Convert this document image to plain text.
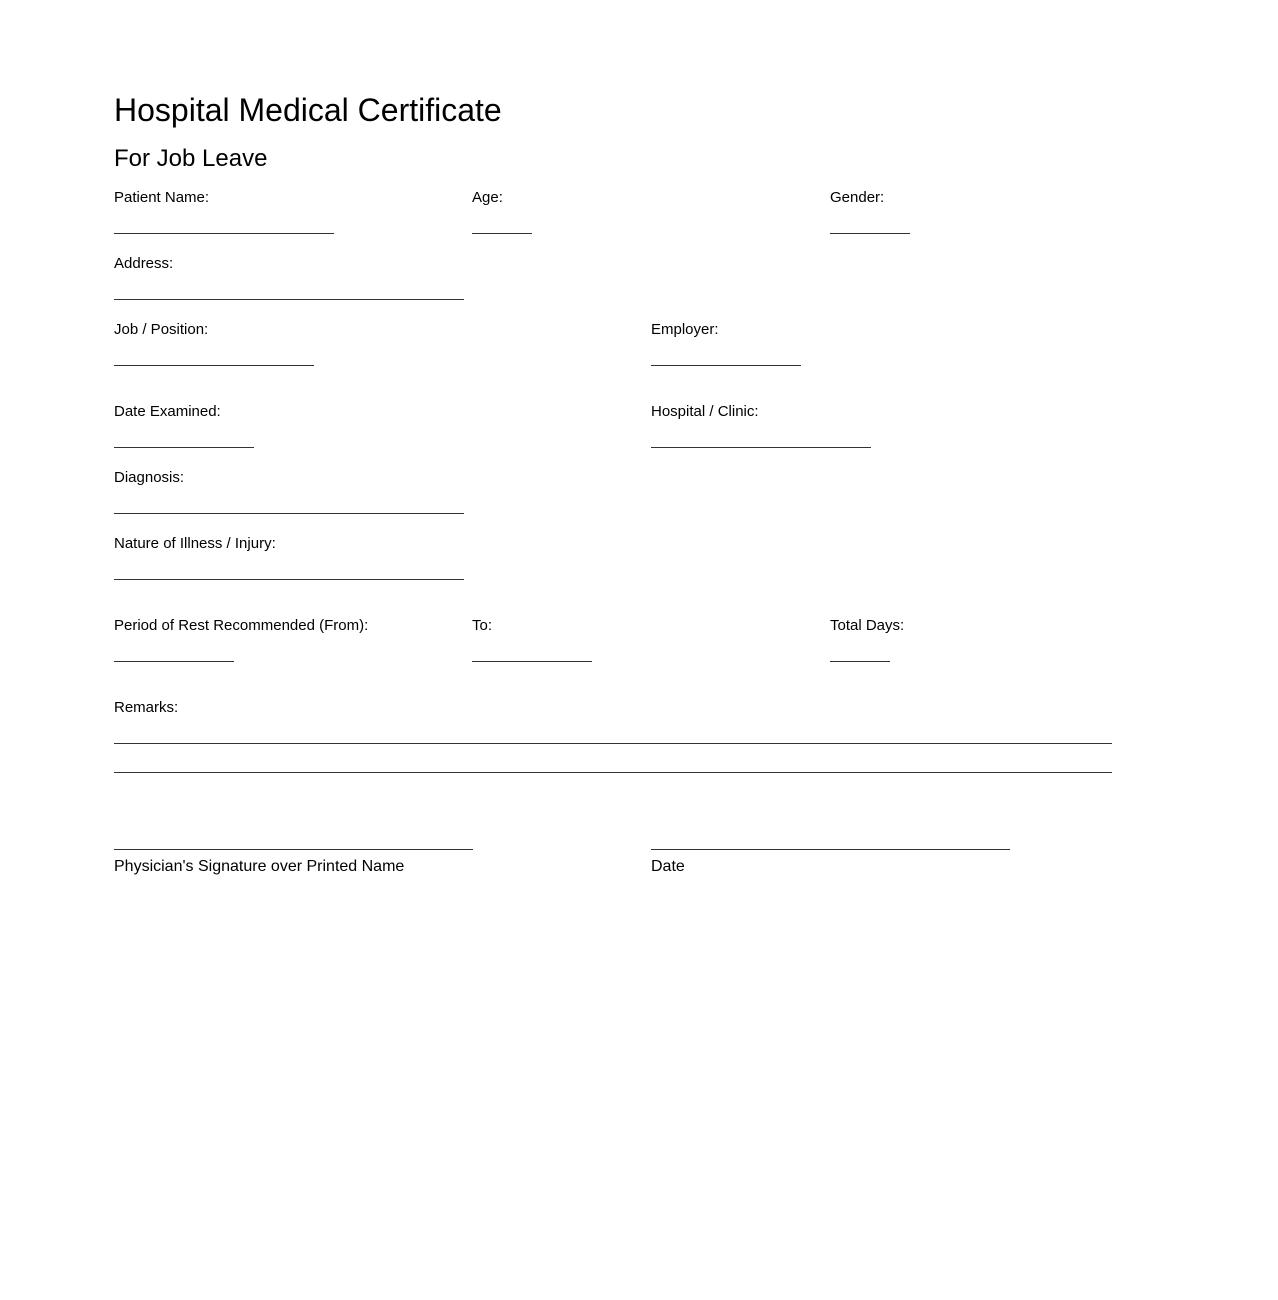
Hospital Medical Certificate
For Job Leave
Patient Name:	Age:	Gender:
Address:
Job / Position:	Employer:
Date Examined:	Hospital / Clinic:
Diagnosis:
Nature of Illness / Injury:
Period of Rest Recommended (From):	To:	Total Days:
Remarks:
Physician's Signature over Printed Name	Date
